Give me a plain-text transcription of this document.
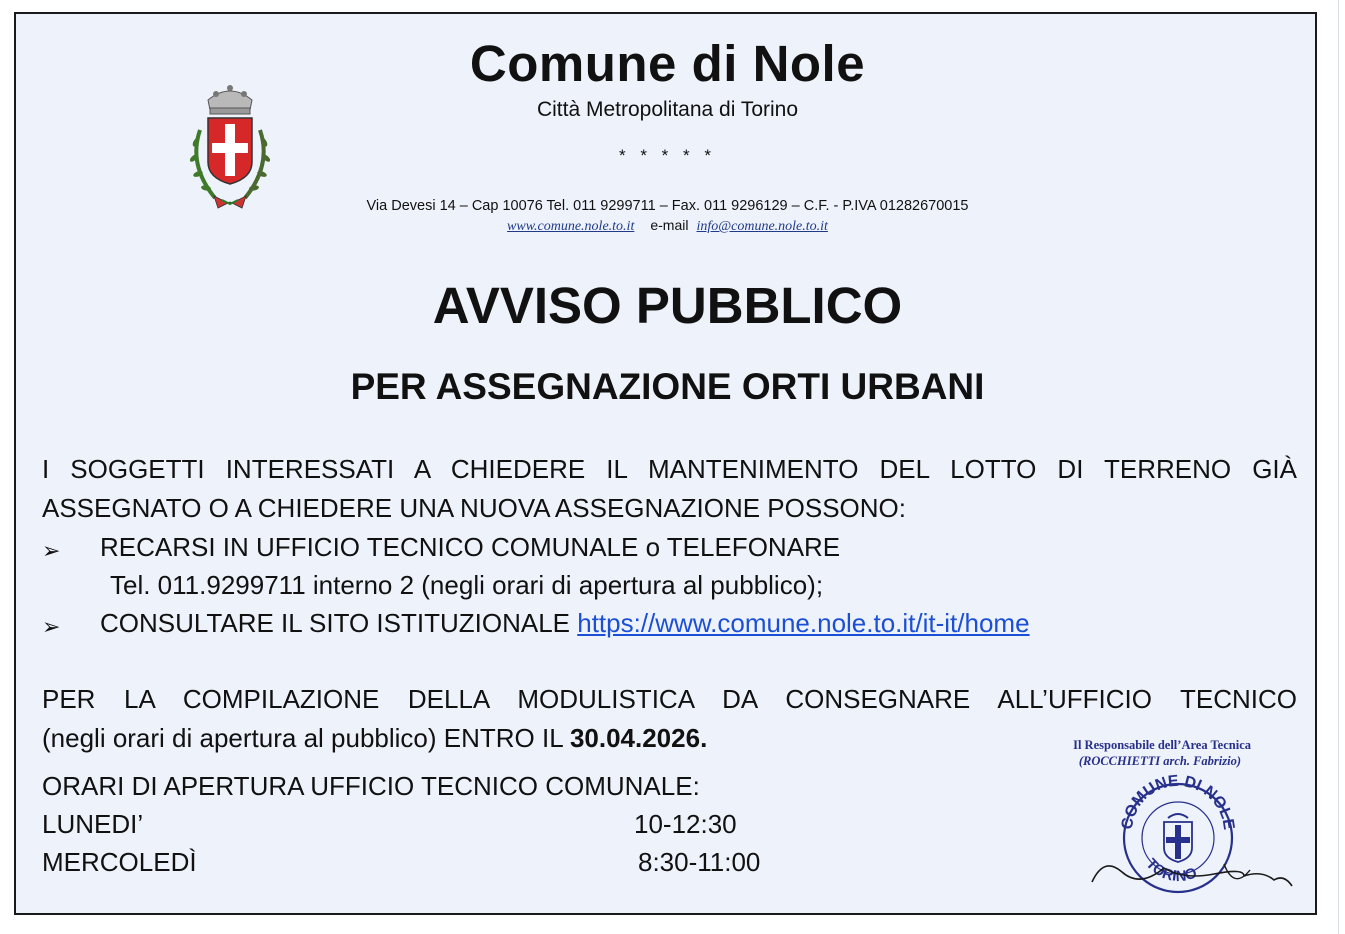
Comune di Nole
Città Metropolitana di Torino
* * * * *
Via Devesi 14 – Cap 10076 Tel. 011 9299711 – Fax. 011 9296129 – C.F. - P.IVA 01282670015
www.comune.nole.to.it e-mail info@comune.nole.to.it
AVVISO PUBBLICO
PER ASSEGNAZIONE ORTI URBANI
I SOGGETTI INTERESSATI A CHIEDERE IL MANTENIMENTO DEL LOTTO DI TERRENO GIÀ
ASSEGNATO O A CHIEDERE UNA NUOVA ASSEGNAZIONE POSSONO:
➢ RECARSI IN UFFICIO TECNICO COMUNALE o TELEFONARE
Tel. 011.9299711 interno 2 (negli orari di apertura al pubblico);
➢ CONSULTARE IL SITO ISTITUZIONALE https://www.comune.nole.to.it/it-it/home
PER LA COMPILAZIONE DELLA MODULISTICA DA CONSEGNARE ALL’UFFICIO TECNICO
(negli orari di apertura al pubblico) ENTRO IL 30.04.2026.
ORARI DI APERTURA UFFICIO TECNICO COMUNALE:
LUNEDI’	10-12:30
MERCOLEDÌ	8:30-11:00
Il Responsabile dell’Area Tecnica
(ROCCHIETTI arch. Fabrizio)
COMUNE DI NOLE
TORINO
